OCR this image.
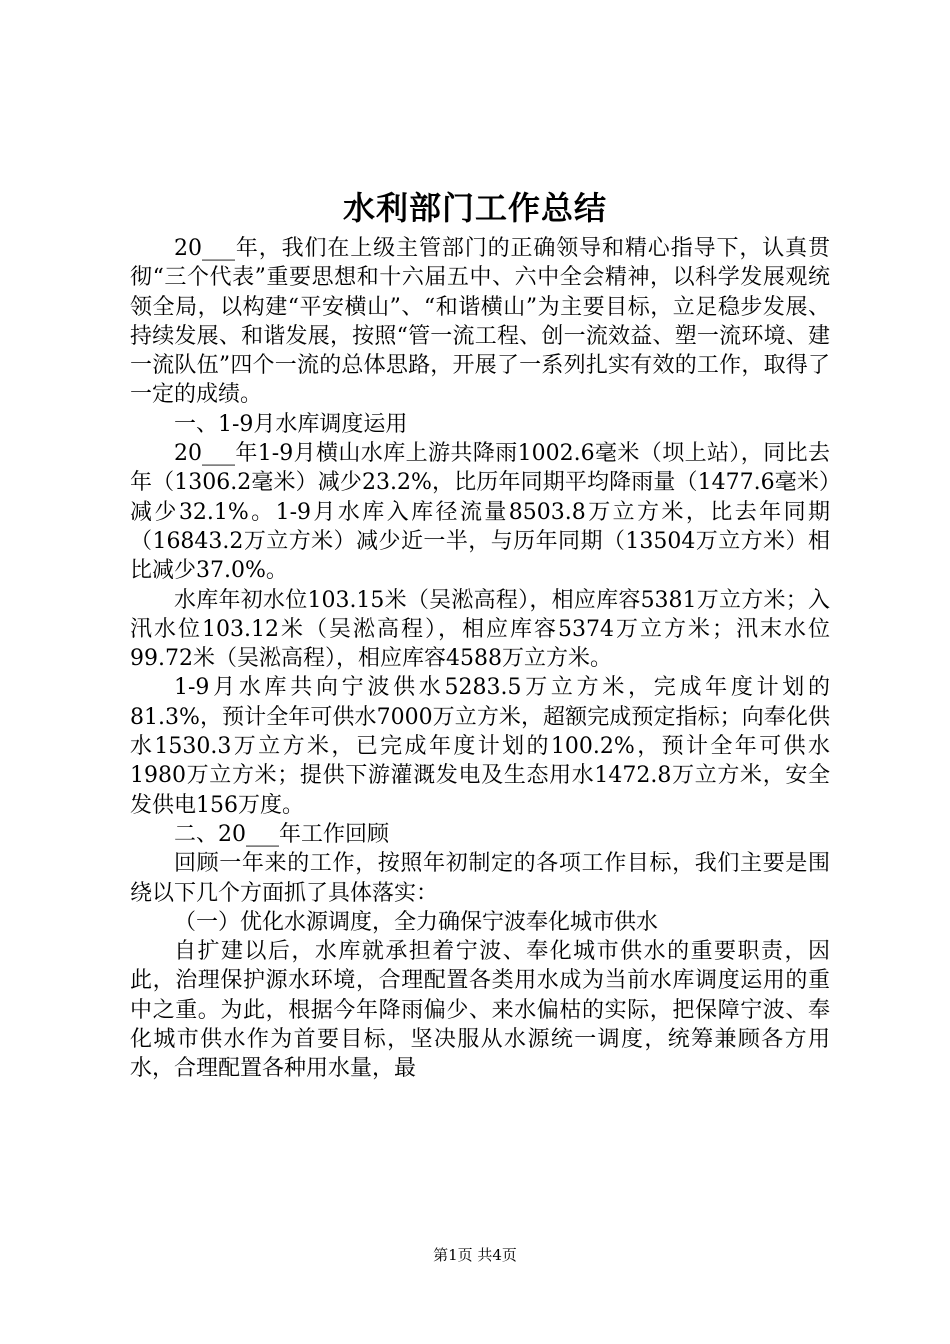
水利部门工作总结

20___年，我们在上级主管部门的正确领导和精心指导下，认真贯彻“三个代表”重要思想和十六届五中、六中全会精神，以科学发展观统领全局，以构建“平安横山”、“和谐横山”为主要目标，立足稳步发展、持续发展、和谐发展，按照“管一流工程、创一流效益、塑一流环境、建一流队伍”四个一流的总体思路，开展了一系列扎实有效的工作，取得了一定的成绩。

一、1-9月水库调度运用

20___年1-9月横山水库上游共降雨1002.6毫米（坝上站），同比去年（1306.2毫米）减少23.2%，比历年同期平均降雨量（1477.6毫米）减少32.1%。1-9月水库入库径流量8503.8万立方米，比去年同期（16843.2万立方米）减少近一半，与历年同期（13504万立方米）相比减少37.0%。

水库年初水位103.15米（吴淞高程），相应库容5381万立方米；入汛水位103.12米（吴淞高程），相应库容5374万立方米；汛末水位99.72米（吴淞高程），相应库容4588万立方米。

1-9月水库共向宁波供水5283.5万立方米，完成年度计划的81.3%，预计全年可供水7000万立方米，超额完成预定指标；向奉化供水1530.3万立方米，已完成年度计划的100.2%，预计全年可供水1980万立方米；提供下游灌溉发电及生态用水1472.8万立方米，安全发供电156万度。

二、20___年工作回顾

回顾一年来的工作，按照年初制定的各项工作目标，我们主要是围绕以下几个方面抓了具体落实：

（一）优化水源调度，全力确保宁波奉化城市供水

自扩建以后，水库就承担着宁波、奉化城市供水的重要职责，因此，治理保护源水环境，合理配置各类用水成为当前水库调度运用的重中之重。为此，根据今年降雨偏少、来水偏枯的实际，把保障宁波、奉化城市供水作为首要目标，坚决服从水源统一调度，统筹兼顾各方用水，合理配置各种用水量，最

第1页 共4页
